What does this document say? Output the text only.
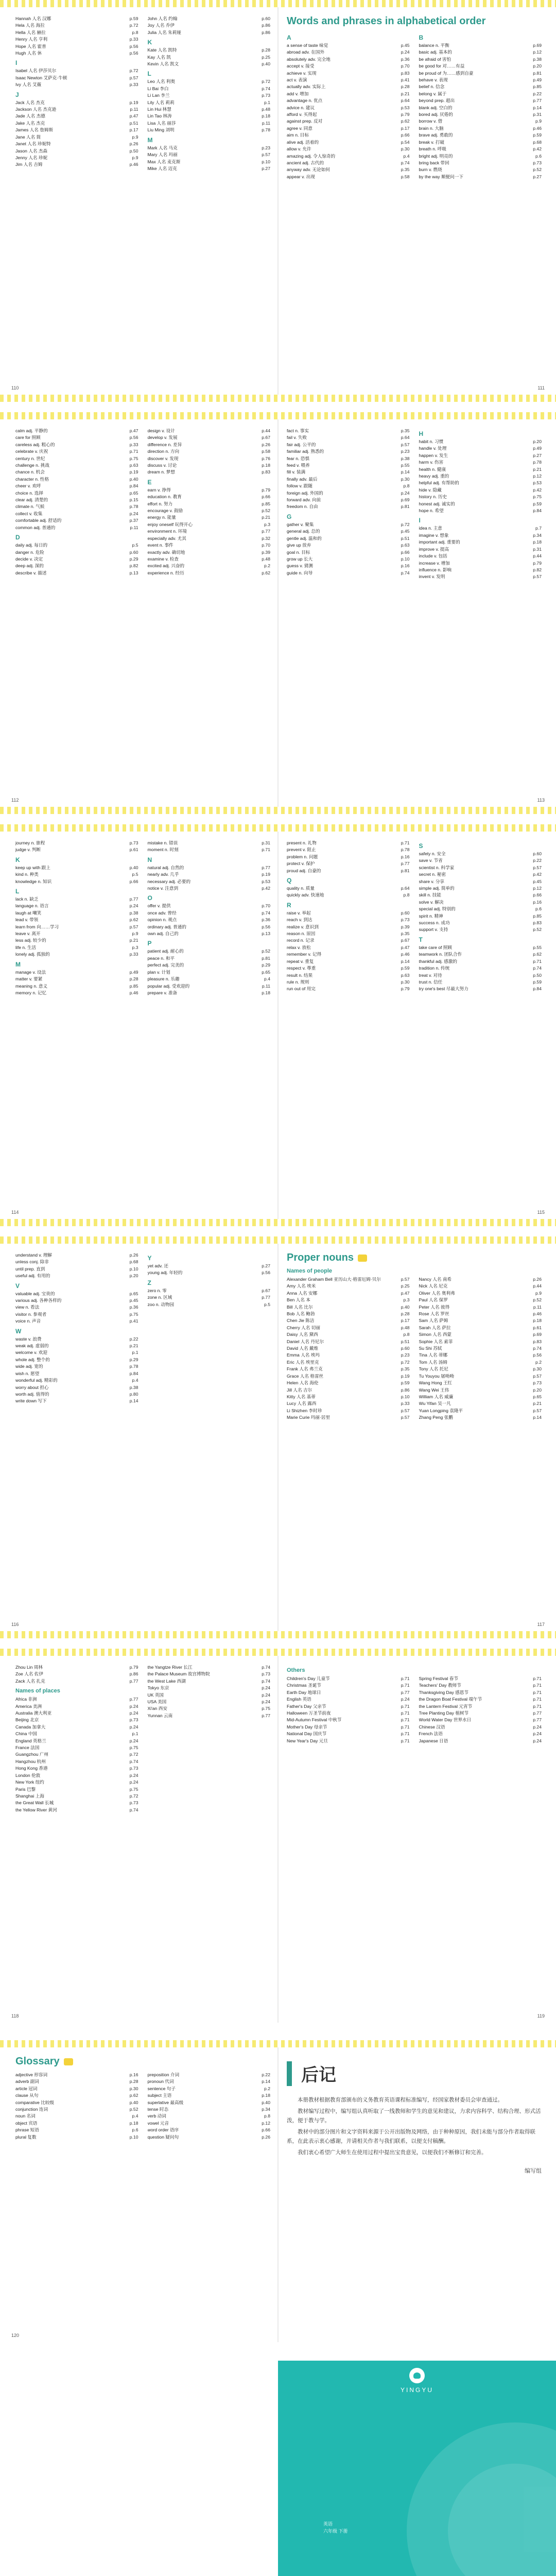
Hannah 人名 汉娜	p.59
Hela 人名 海拉	p.72
Hella 人名 赫拉	p.8
Henry 人名 亨利	p.33
Hope 人名 霍普	p.56
Hugh 人名 休	p.56
I
Isabel 人名 伊莎贝尔	p.72
Isaac Newton 艾萨克·牛顿	p.57
Ivy 人名 艾薇	p.33
J
Jack 人名 杰克	p.19
Jackson 人名 杰克逊	p.11
Jade 人名 杰德	p.47
Jake 人名 杰克	p.51
James 人名 詹姆斯	p.17
Jane 人名 简	p.9
Janet 人名 珍妮特	p.26
Jason 人名 杰森	p.50
Jenny 人名 珍妮	p.9
Jim 人名 吉姆	p.46
John 人名 约翰	p.60
Joy 人名 乔伊	p.86
Julia 人名 朱莉娅	p.86
K
Kate 人名 凯特	p.28
Kay 人名 凯	p.25
Kevin 人名 凯文	p.40
L
Leo 人名 利奥	p.72
Li Bai 李白	p.74
Li Lan 李兰	p.73
Lily 人名 莉莉	p.1
Lin Hui 林慧	p.48
Lin Tao 林涛	p.18
Lisa 人名 丽莎	p.11
Liu Ming 刘明	p.78
M
Mark 人名 马克	p.23
Mary 人名 玛丽	p.57
Max 人名 麦克斯	p.10
Mike 人名 迈克	p.27
Words and phrases in alphabetical order
A
a sense of taste 味觉	p.45
abroad adv. 在国外	p.24
absolutely adv. 完全地	p.36
accept v. 接受	p.70
achieve v. 实现	p.83
act v. 表演	p.41
actually adv. 实际上	p.28
add v. 增加	p.21
advantage n. 优点	p.64
advice n. 建议	p.53
afford v. 买得起	p.79
against prep. 反对	p.62
agree v. 同意	p.17
aim n. 目标	p.66
alive adj. 活着的	p.54
allow v. 允许	p.30
amazing adj. 令人惊奇的	p.4
ancient adj. 古代的	p.74
anyway adv. 无论如何	p.35
appear v. 出现	p.58
B
balance n. 平衡	p.69
basic adj. 基本的	p.12
be afraid of 害怕	p.38
be good for 对……有益	p.20
be proud of 为……感到自豪	p.81
behave v. 表现	p.49
belief n. 信念	p.85
belong v. 属于	p.22
beyond prep. 超出	p.77
blank adj. 空白的	p.14
bored adj. 厌倦的	p.31
borrow v. 借	p.9
brain n. 大脑	p.46
brave adj. 勇敢的	p.59
break v. 打破	p.68
breath n. 呼吸	p.42
bright adj. 明亮的	p.6
bring back 带回	p.73
burn v. 燃烧	p.52
by the way 顺便问一下	p.27
110	111
calm adj. 平静的	p.47
care for 照顾	p.56
careless adj. 粗心的	p.33
celebrate v. 庆祝	p.71
century n. 世纪	p.75
challenge n. 挑战	p.63
chance n. 机会	p.19
character n. 性格	p.40
cheer v. 欢呼	p.84
choice n. 选择	p.65
clear adj. 清楚的	p.15
climate n. 气候	p.78
collect v. 收集	p.24
comfortable adj. 舒适的	p.37
common adj. 普通的	p.11
D
daily adj. 每日的	p.5
danger n. 危险	p.60
decide v. 决定	p.29
deep adj. 深的	p.82
describe v. 描述	p.13
design v. 设计	p.44
develop v. 发展	p.67
difference n. 差异	p.26
direction n. 方向	p.58
discover v. 发现	p.76
discuss v. 讨论	p.18
dream n. 梦想	p.83
E
earn v. 挣得	p.79
education n. 教育	p.66
effort n. 努力	p.85
encourage v. 鼓励	p.52
energy n. 能量	p.21
enjoy oneself 玩得开心	p.3
environment n. 环境	p.77
especially adv. 尤其	p.32
event n. 事件	p.70
exactly adv. 确切地	p.39
examine v. 检查	p.48
excited adj. 兴奋的	p.2
experience n. 经历	p.62
fact n. 事实	p.35
fail v. 失败	p.64
fair adj. 公平的	p.57
familiar adj. 熟悉的	p.23
fear n. 恐惧	p.38
feed v. 喂养	p.55
fill v. 装满	p.14
finally adv. 最后	p.30
follow v. 跟随	p.8
foreign adj. 外国的	p.24
forward adv. 向前	p.69
freedom n. 自由	p.81
G
gather v. 聚集	p.72
general adj. 总的	p.45
gentle adj. 温和的	p.51
give up 放弃	p.63
goal n. 目标	p.66
grow up 长大	p.10
guess v. 猜测	p.16
guide n. 向导	p.74
H
habit n. 习惯	p.20
handle v. 处理	p.49
happen v. 发生	p.27
harm v. 伤害	p.78
health n. 健康	p.21
heavy adj. 重的	p.12
helpful adj. 有帮助的	p.53
hide v. 隐藏	p.42
history n. 历史	p.75
honest adj. 诚实的	p.59
hope n. 希望	p.84
I
idea n. 主意	p.7
imagine v. 想象	p.34
important adj. 重要的	p.18
improve v. 提高	p.31
include v. 包括	p.44
increase v. 增加	p.79
influence n. 影响	p.82
invent v. 发明	p.57
112	113
journey n. 旅程	p.73
judge v. 判断	p.61
K
keep up with 跟上	p.40
kind n. 种类	p.5
knowledge n. 知识	p.66
L
lack n. 缺乏	p.77
language n. 语言	p.24
laugh at 嘲笑	p.38
lead v. 带领	p.62
learn from 向……学习	p.57
leave v. 离开	p.9
less adj. 较少的	p.21
life n. 生活	p.3
lonely adj. 孤独的	p.33
M
manage v. 设法	p.49
matter v. 要紧	p.28
meaning n. 意义	p.85
memory n. 记忆	p.46
mistake n. 错误	p.31
moment n. 时刻	p.71
N
natural adj. 自然的	p.77
nearly adv. 几乎	p.19
necessary adj. 必要的	p.53
notice v. 注意到	p.42
O
offer v. 提供	p.70
once adv. 曾经	p.74
opinion n. 观点	p.36
ordinary adj. 普通的	p.56
own adj. 自己的	p.13
P
patient adj. 耐心的	p.52
peace n. 和平	p.81
perfect adj. 完美的	p.29
plan v. 计划	p.65
pleasure n. 乐趣	p.4
popular adj. 受欢迎的	p.11
prepare v. 准备	p.18
present n. 礼物	p.71
prevent v. 阻止	p.78
problem n. 问题	p.16
protect v. 保护	p.77
proud adj. 自豪的	p.81
Q
quality n. 质量	p.64
quickly adv. 快速地	p.8
R
raise v. 举起	p.60
reach v. 到达	p.73
realize v. 意识到	p.39
reason n. 原因	p.35
record n. 记录	p.67
relax v. 放松	p.47
remember v. 记得	p.46
repeat v. 重复	p.14
respect v. 尊重	p.59
result n. 结果	p.63
rule n. 规则	p.30
run out of 用完	p.79
S
safety n. 安全	p.60
save v. 节省	p.22
scientist n. 科学家	p.57
secret n. 秘密	p.42
share v. 分享	p.45
simple adj. 简单的	p.12
skill n. 技能	p.66
solve v. 解决	p.16
special adj. 特别的	p.6
spirit n. 精神	p.85
success n. 成功	p.83
support v. 支持	p.52
T
take care of 照顾	p.55
teamwork n. 团队合作	p.62
thankful adj. 感激的	p.71
tradition n. 传统	p.74
treat v. 对待	p.50
trust n. 信任	p.59
try one's best 尽最大努力	p.84
114	115
understand v. 理解	p.26
unless conj. 除非	p.68
until prep. 直到	p.10
useful adj. 有用的	p.20
V
valuable adj. 宝贵的	p.65
various adj. 各种各样的	p.45
view n. 看法	p.36
visitor n. 参观者	p.75
voice n. 声音	p.41
W
waste v. 浪费	p.22
weak adj. 虚弱的	p.21
welcome v. 欢迎	p.1
whole adj. 整个的	p.29
wide adj. 宽的	p.78
wish n. 愿望	p.84
wonderful adj. 精彩的	p.4
worry about 担心	p.38
worth adj. 值得的	p.80
write down 写下	p.14
Y
yet adv. 还	p.27
young adj. 年轻的	p.56
Z
zero n. 零	p.67
zone n. 区域	p.77
zoo n. 动物园	p.5
Proper nouns
Names of people
Alexander Graham Bell 亚历山大·格雷厄姆·贝尔	p.57
Amy 人名 埃米	p.25
Anna 人名 安娜	p.47
Ben 人名 本	p.3
Bill 人名 比尔	p.40
Bob 人名 鲍勃	p.28
Chen Jie 陈洁	p.17
Cherry 人名 切丽	p.48
Daisy 人名 黛西	p.8
Daniel 人名 丹尼尔	p.51
David 人名 戴维	p.60
Emma 人名 埃玛	p.23
Eric 人名 埃里克	p.72
Frank 人名 弗兰克	p.35
Grace 人名 格雷丝	p.19
Helen 人名 海伦	p.59
Jill 人名 吉尔	p.86
Kitty 人名 基蒂	p.10
Lucy 人名 露西	p.33
Li Shizhen 李时珍	p.57
Marie Curie 玛丽·居里	p.57
Nancy 人名 南希	p.26
Nick 人名 尼克	p.44
Oliver 人名 奥利弗	p.9
Paul 人名 保罗	p.52
Peter 人名 彼得	p.11
Rose 人名 罗丝	p.46
Sam 人名 萨姆	p.18
Sarah 人名 萨拉	p.61
Simon 人名 西蒙	p.69
Sophie 人名 索菲	p.83
Su Shi 苏轼	p.74
Tina 人名 蒂娜	p.56
Tom 人名 汤姆	p.2
Tony 人名 托尼	p.30
Tu Youyou 屠呦呦	p.57
Wang Hong 王红	p.73
Wang Wei 王伟	p.20
William 人名 威廉	p.65
Wu Yifan 吴一凡	p.21
Yuan Longping 袁隆平	p.57
Zhang Peng 张鹏	p.14
116	117
Zhou Lin 周林	p.79
Zoe 人名 佐伊	p.86
Zack 人名 扎克	p.77
Names of places
Africa 非洲	p.77
America 美洲	p.24
Australia 澳大利亚	p.24
Beijing 北京	p.73
Canada 加拿大	p.24
China 中国	p.1
England 英格兰	p.24
France 法国	p.75
Guangzhou 广州	p.72
Hangzhou 杭州	p.74
Hong Kong 香港	p.73
London 伦敦	p.24
New York 纽约	p.24
Paris 巴黎	p.75
Shanghai 上海	p.72
the Great Wall 长城	p.73
the Yellow River 黄河	p.74
the Yangtze River 长江	p.74
the Palace Museum 故宫博物院	p.73
the West Lake 西湖	p.74
Tokyo 东京	p.24
UK 英国	p.24
USA 美国	p.24
Xi'an 西安	p.75
Yunnan 云南	p.77
Others
Children's Day 儿童节	p.71
Christmas 圣诞节	p.71
Earth Day 地球日	p.77
English 英语	p.24
Father's Day 父亲节	p.71
Halloween 万圣节前夜	p.71
Mid-Autumn Festival 中秋节	p.71
Mother's Day 母亲节	p.71
National Day 国庆节	p.71
New Year's Day 元旦	p.71
Spring Festival 春节	p.71
Teachers' Day 教师节	p.71
Thanksgiving Day 感恩节	p.71
the Dragon Boat Festival 端午节	p.71
the Lantern Festival 元宵节	p.71
Tree Planting Day 植树节	p.77
World Water Day 世界水日	p.77
Chinese 汉语	p.24
French 法语	p.24
Japanese 日语	p.24
118	119
Glossary
adjective 形容词	p.16
adverb 副词	p.28
article 冠词	p.30
clause 从句	p.62
comparative 比较级	p.40
conjunction 连词	p.52
noun 名词	p.4
object 宾语	p.18
phrase 短语	p.6
plural 复数	p.10
preposition 介词	p.22
pronoun 代词	p.14
sentence 句子	p.2
subject 主语	p.18
superlative 最高级	p.40
tense 时态	p.34
verb 动词	p.8
vowel 元音	p.12
word order 语序	p.66
question 疑问句	p.26
后记

本册教材根据教育部颁布的义务教育英语课程标准编写，经国家教材委员会审查通过。

教材编写过程中，编写组认真听取了一线教师和学生的意见和建议，力求内容科学、结构合理、形式活泼，便于教与学。

教材中的部分图片和文字资料来源于公开出版物及网络，由于种种原因，我们未能与部分作者取得联系，在此表示衷心感谢，并请相关作者与我们联系，以便支付稿酬。

我们衷心希望广大师生在使用过程中提出宝贵意见，以便我们不断修订和完善。

编写组
120
YINGYU
英语
六年级 下册
